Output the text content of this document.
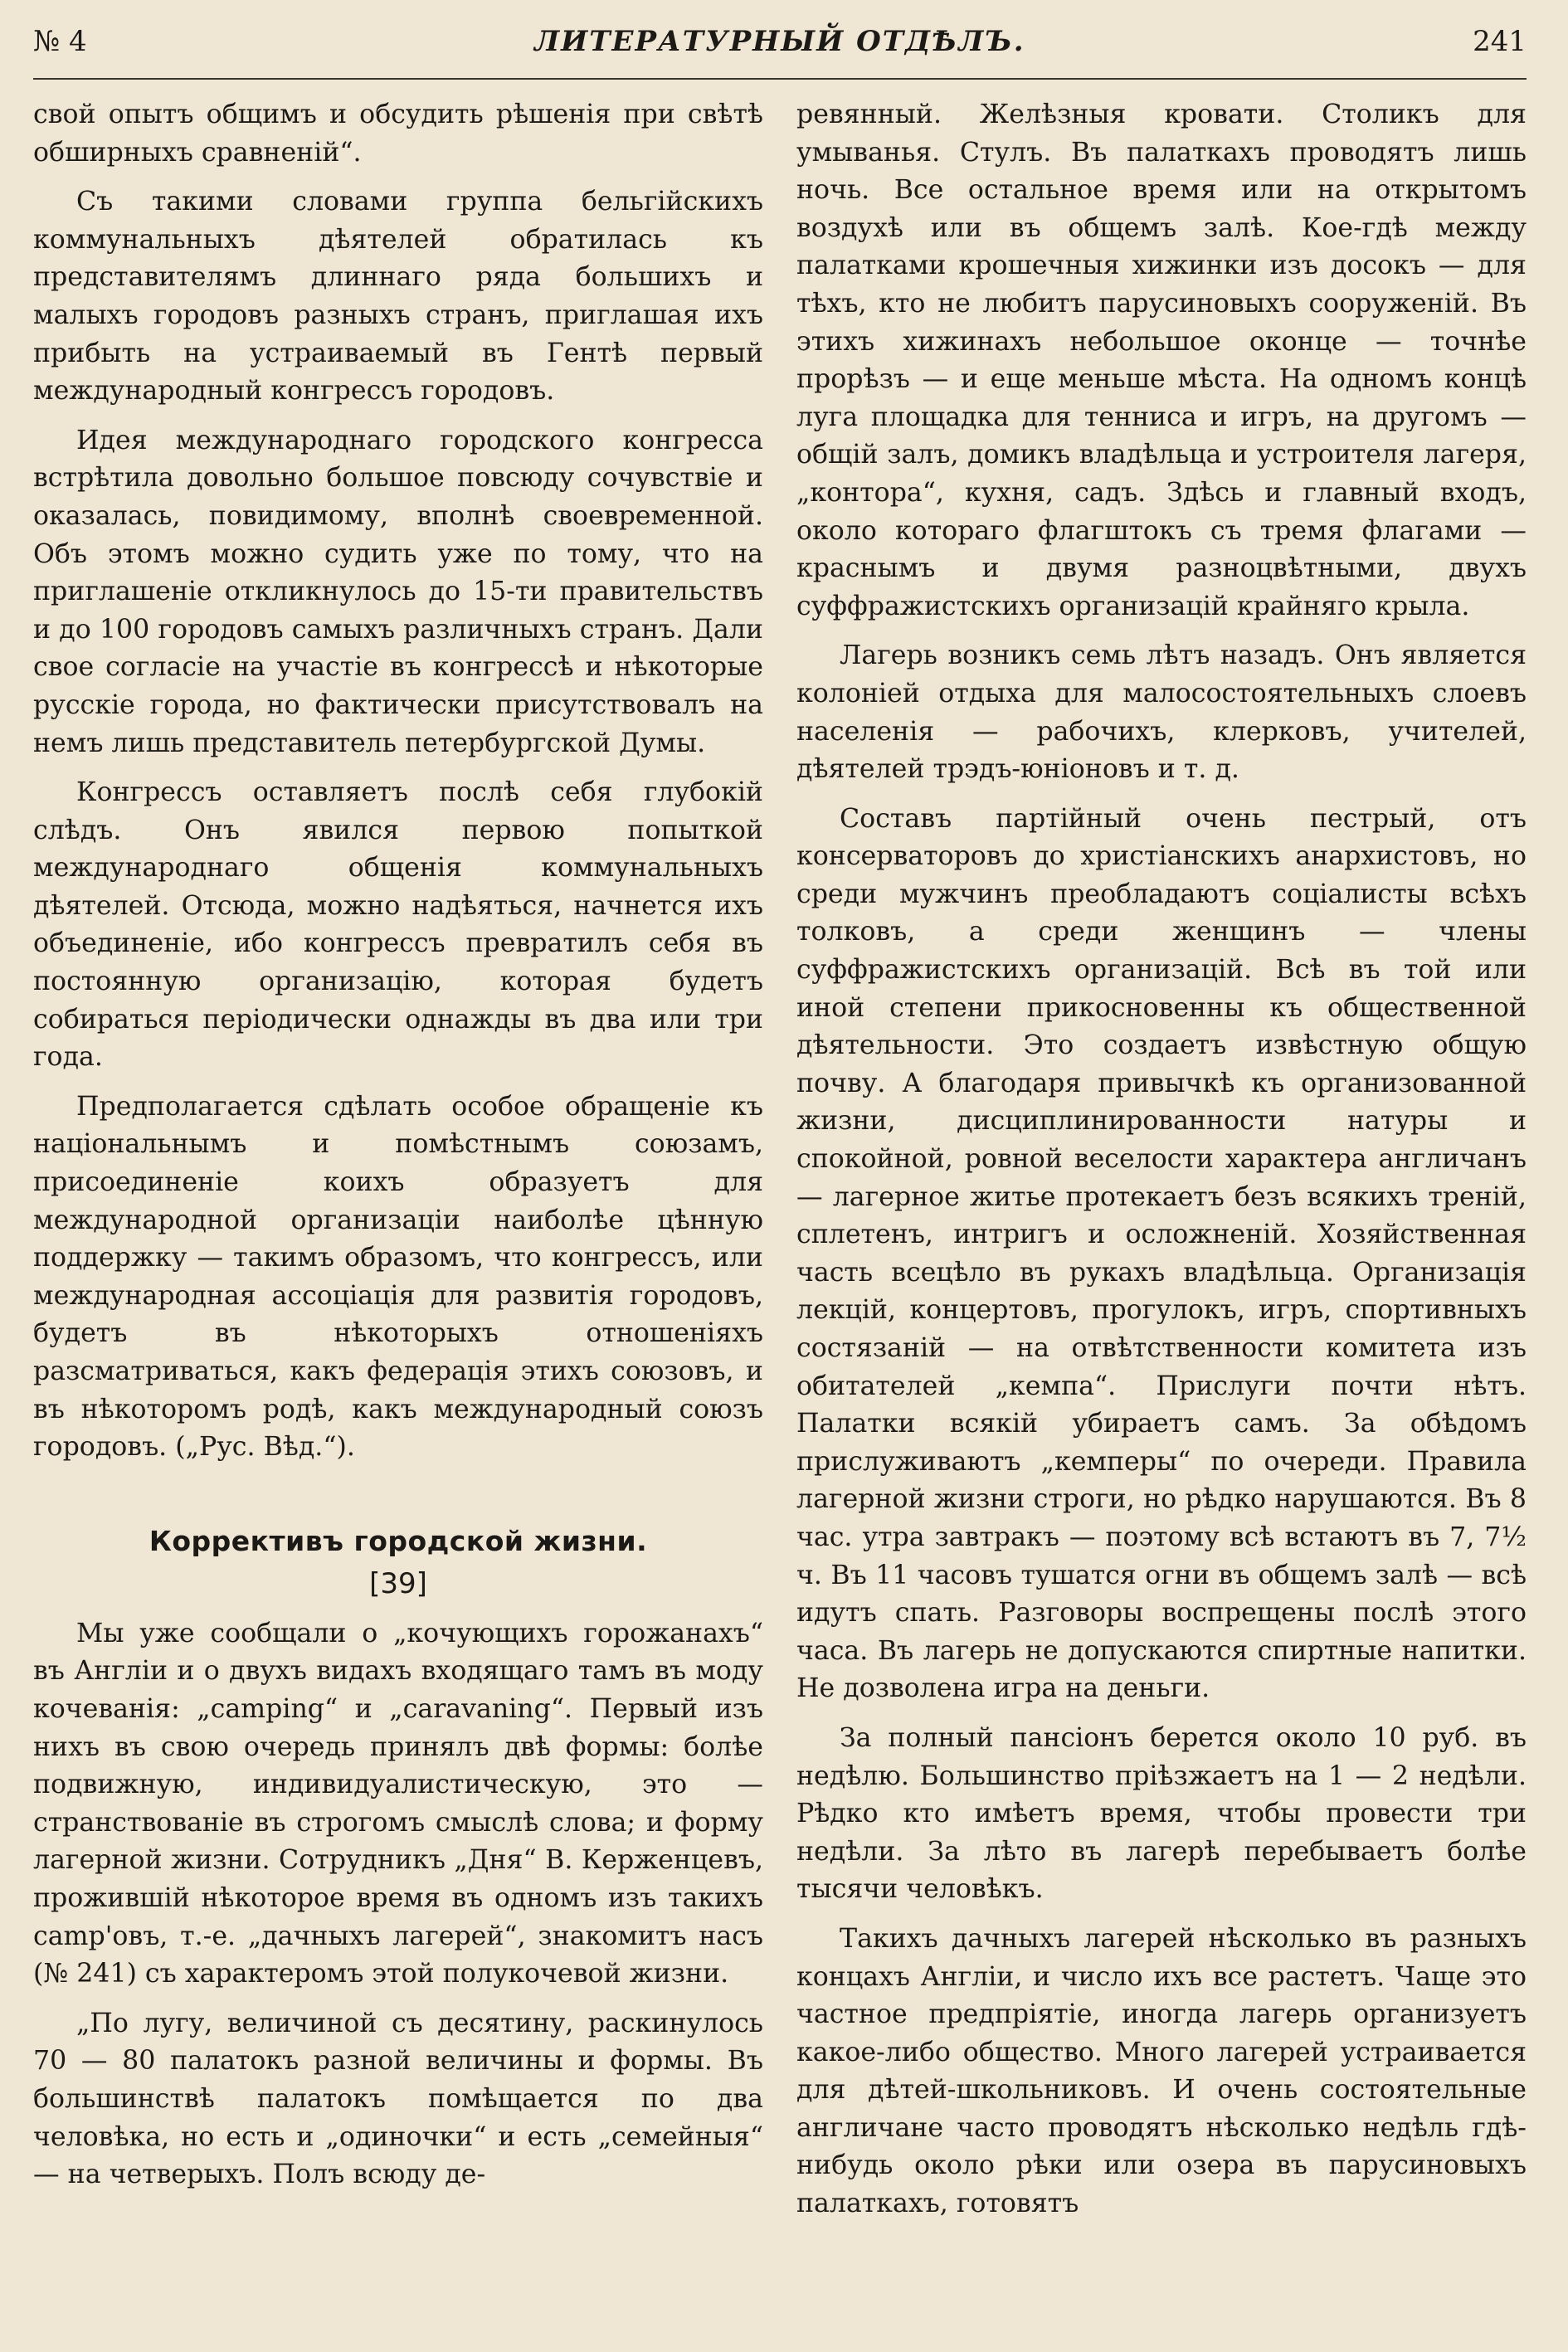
№ 4	ЛИТЕРАТУРНЫЙ ОТДѢЛЪ.	241

свой опытъ общимъ и обсудить рѣшенія при свѣтѣ обширныхъ сравненій“.

Съ такими словами группа бельгійскихъ коммунальныхъ дѣятелей обратилась къ представителямъ длиннаго ряда большихъ и малыхъ городовъ разныхъ странъ, приглашая ихъ прибыть на устраиваемый въ Гентѣ первый международный конгрессъ городовъ.

Идея международнаго городского конгресса встрѣтила довольно большое повсюду сочувствіе и оказалась, повидимому, вполнѣ своевременной. Объ этомъ можно судить уже по тому, что на приглашеніе откликнулось до 15-ти правительствъ и до 100 городовъ самыхъ различныхъ странъ. Дали свое согласіе на участіе въ конгрессѣ и нѣкоторые русскіе города, но фактически присутствовалъ на немъ лишь представитель петербургской Думы.

Конгрессъ оставляетъ послѣ себя глубокій слѣдъ. Онъ явился первою попыткой международнаго общенія коммунальныхъ дѣятелей. Отсюда, можно надѣяться, начнется ихъ объединеніе, ибо конгрессъ превратилъ себя въ постоянную организацію, которая будетъ собираться періодически однажды въ два или три года.

Предполагается сдѣлать особое обращеніе къ національнымъ и помѣстнымъ союзамъ, присоединеніе коихъ образуетъ для международной организаціи наиболѣе цѣнную поддержку — такимъ образомъ, что конгрессъ, или международная ассоціація для развитія городовъ, будетъ въ нѣкоторыхъ отношеніяхъ разсматриваться, какъ федерація этихъ союзовъ, и въ нѣкоторомъ родѣ, какъ международный союзъ городовъ. („Рус. Вѣд.“).

Коррективъ городской жизни.
[39]

Мы уже сообщали о „кочующихъ горожанахъ“ въ Англіи и о двухъ видахъ входящаго тамъ въ моду кочеванія: „camping“ и „caravaning“. Первый изъ нихъ въ свою очередь принялъ двѣ формы: болѣе подвижную, индивидуалистическую, это — странствованіе въ строгомъ смыслѣ слова; и форму лагерной жизни. Сотрудникъ „Дня“ В. Керженцевъ, прожившій нѣкоторое время въ одномъ изъ такихъ camp'овъ, т.-е. „дачныхъ лагерей“, знакомитъ насъ (№ 241) съ характеромъ этой полукочевой жизни.

„По лугу, величиной съ десятину, раскинулось 70 — 80 палатокъ разной величины и формы. Въ большинствѣ палатокъ помѣщается по два человѣка, но есть и „одиночки“ и есть „семейныя“ — на четверыхъ. Полъ всюду де-

ревянный. Желѣзныя кровати. Столикъ для умыванья. Стулъ. Въ палаткахъ проводятъ лишь ночь. Все остальное время или на открытомъ воздухѣ или въ общемъ залѣ. Кое-гдѣ между палатками крошечныя хижинки изъ досокъ — для тѣхъ, кто не любитъ парусиновыхъ сооруженій. Въ этихъ хижинахъ небольшое оконце — точнѣе прорѣзъ — и еще меньше мѣста. На одномъ концѣ луга площадка для тенниса и игръ, на другомъ — общій залъ, домикъ владѣльца и устроителя лагеря, „контора“, кухня, садъ. Здѣсь и главный входъ, около котораго флагштокъ съ тремя флагами — краснымъ и двумя разноцвѣтными, двухъ суффражистскихъ организацій крайняго крыла.

Лагерь возникъ семь лѣтъ назадъ. Онъ является колоніей отдыха для малосостоятельныхъ слоевъ населенія — рабочихъ, клерковъ, учителей, дѣятелей трэдъ-юніоновъ и т. д.

Составъ партійный очень пестрый, отъ консерваторовъ до христіанскихъ анархистовъ, но среди мужчинъ преобладаютъ соціалисты всѣхъ толковъ, а среди женщинъ — члены суффражистскихъ организацій. Всѣ въ той или иной степени прикосновенны къ общественной дѣятельности. Это создаетъ извѣстную общую почву. А благодаря привычкѣ къ организованной жизни, дисциплинированности натуры и спокойной, ровной веселости характера англичанъ — лагерное житье протекаетъ безъ всякихъ треній, сплетенъ, интригъ и осложненій. Хозяйственная часть всецѣло въ рукахъ владѣльца. Организація лекцій, концертовъ, прогулокъ, игръ, спортивныхъ состязаній — на отвѣтственности комитета изъ обитателей „кемпа“. Прислуги почти нѣтъ. Палатки всякій убираетъ самъ. За обѣдомъ прислуживаютъ „кемперы“ по очереди. Правила лагерной жизни строги, но рѣдко нарушаются. Въ 8 час. утра завтракъ — поэтому всѣ встаютъ въ 7, 7½ ч. Въ 11 часовъ тушатся огни въ общемъ залѣ — всѣ идутъ спать. Разговоры воспрещены послѣ этого часа. Въ лагерь не допускаются спиртные напитки. Не дозволена игра на деньги.

За полный пансіонъ берется около 10 руб. въ недѣлю. Большинство пріѣзжаетъ на 1 — 2 недѣли. Рѣдко кто имѣетъ время, чтобы провести три недѣли. За лѣто въ лагерѣ перебываетъ болѣе тысячи человѣкъ.

Такихъ дачныхъ лагерей нѣсколько въ разныхъ концахъ Англіи, и число ихъ все растетъ. Чаще это частное предпріятіе, иногда лагерь организуетъ какое-либо общество. Много лагерей устраивается для дѣтей-школьниковъ. И очень состоятельные англичане часто проводятъ нѣсколько недѣль гдѣ-нибудь около рѣки или озера въ парусиновыхъ палаткахъ, готовятъ
